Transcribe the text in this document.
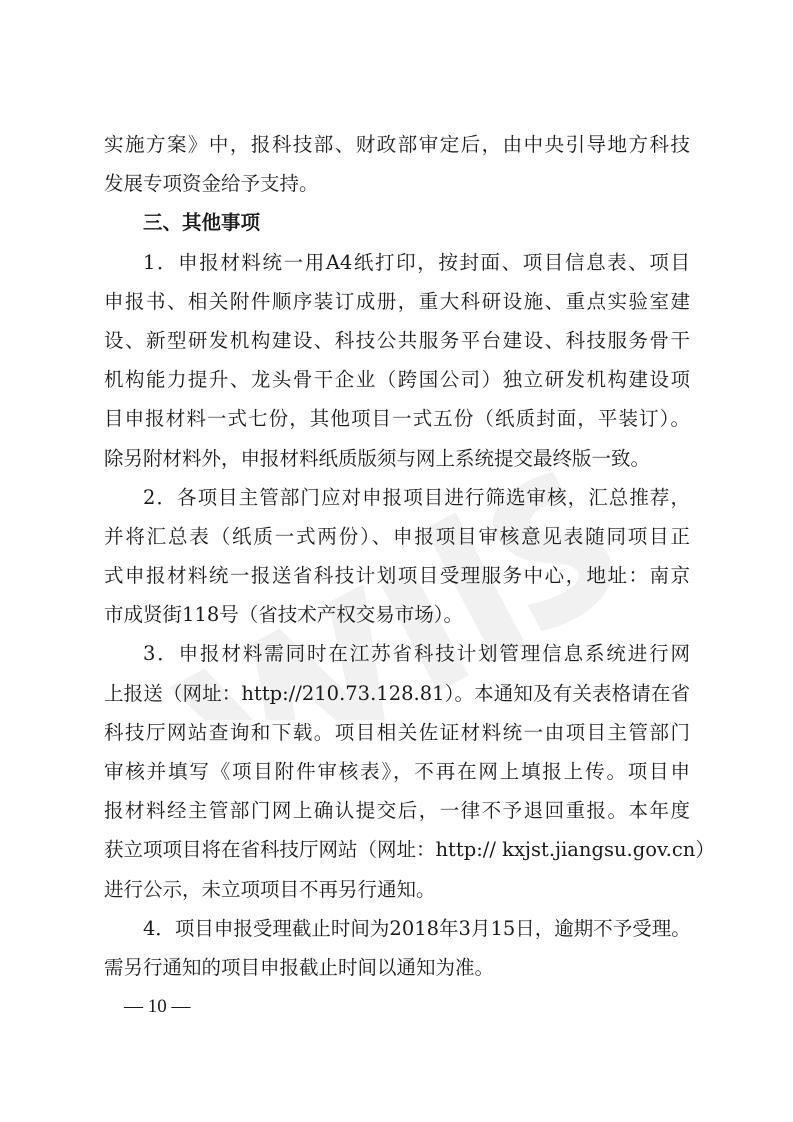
实施方案》中，报科技部、财政部审定后，由中央引导地方科技
发展专项资金给予支持。
三、其他事项
1．申报材料统一用A4纸打印，按封面、项目信息表、项目
申报书、相关附件顺序装订成册，重大科研设施、重点实验室建
设、新型研发机构建设、科技公共服务平台建设、科技服务骨干
机构能力提升、龙头骨干企业（跨国公司）独立研发机构建设项
目申报材料一式七份，其他项目一式五份（纸质封面，平装订）。
除另附材料外，申报材料纸质版须与网上系统提交最终版一致。
2．各项目主管部门应对申报项目进行筛选审核，汇总推荐，
并将汇总表（纸质一式两份）、申报项目审核意见表随同项目正
式申报材料统一报送省科技计划项目受理服务中心，地址：南京
市成贤街118号（省技术产权交易市场）。
3．申报材料需同时在江苏省科技计划管理信息系统进行网
上报送（网址：http://210.73.128.81）。本通知及有关表格请在省
科技厅网站查询和下载。项目相关佐证材料统一由项目主管部门
审核并填写《项目附件审核表》，不再在网上填报上传。项目申
报材料经主管部门网上确认提交后，一律不予退回重报。本年度
获立项项目将在省科技厅网站（网址：http:// kxjst.jiangsu.gov.cn）
进行公示，未立项项目不再另行通知。
4．项目申报受理截止时间为2018年3月15日，逾期不予受理。
需另行通知的项目申报截止时间以通知为准。
— 10 —
